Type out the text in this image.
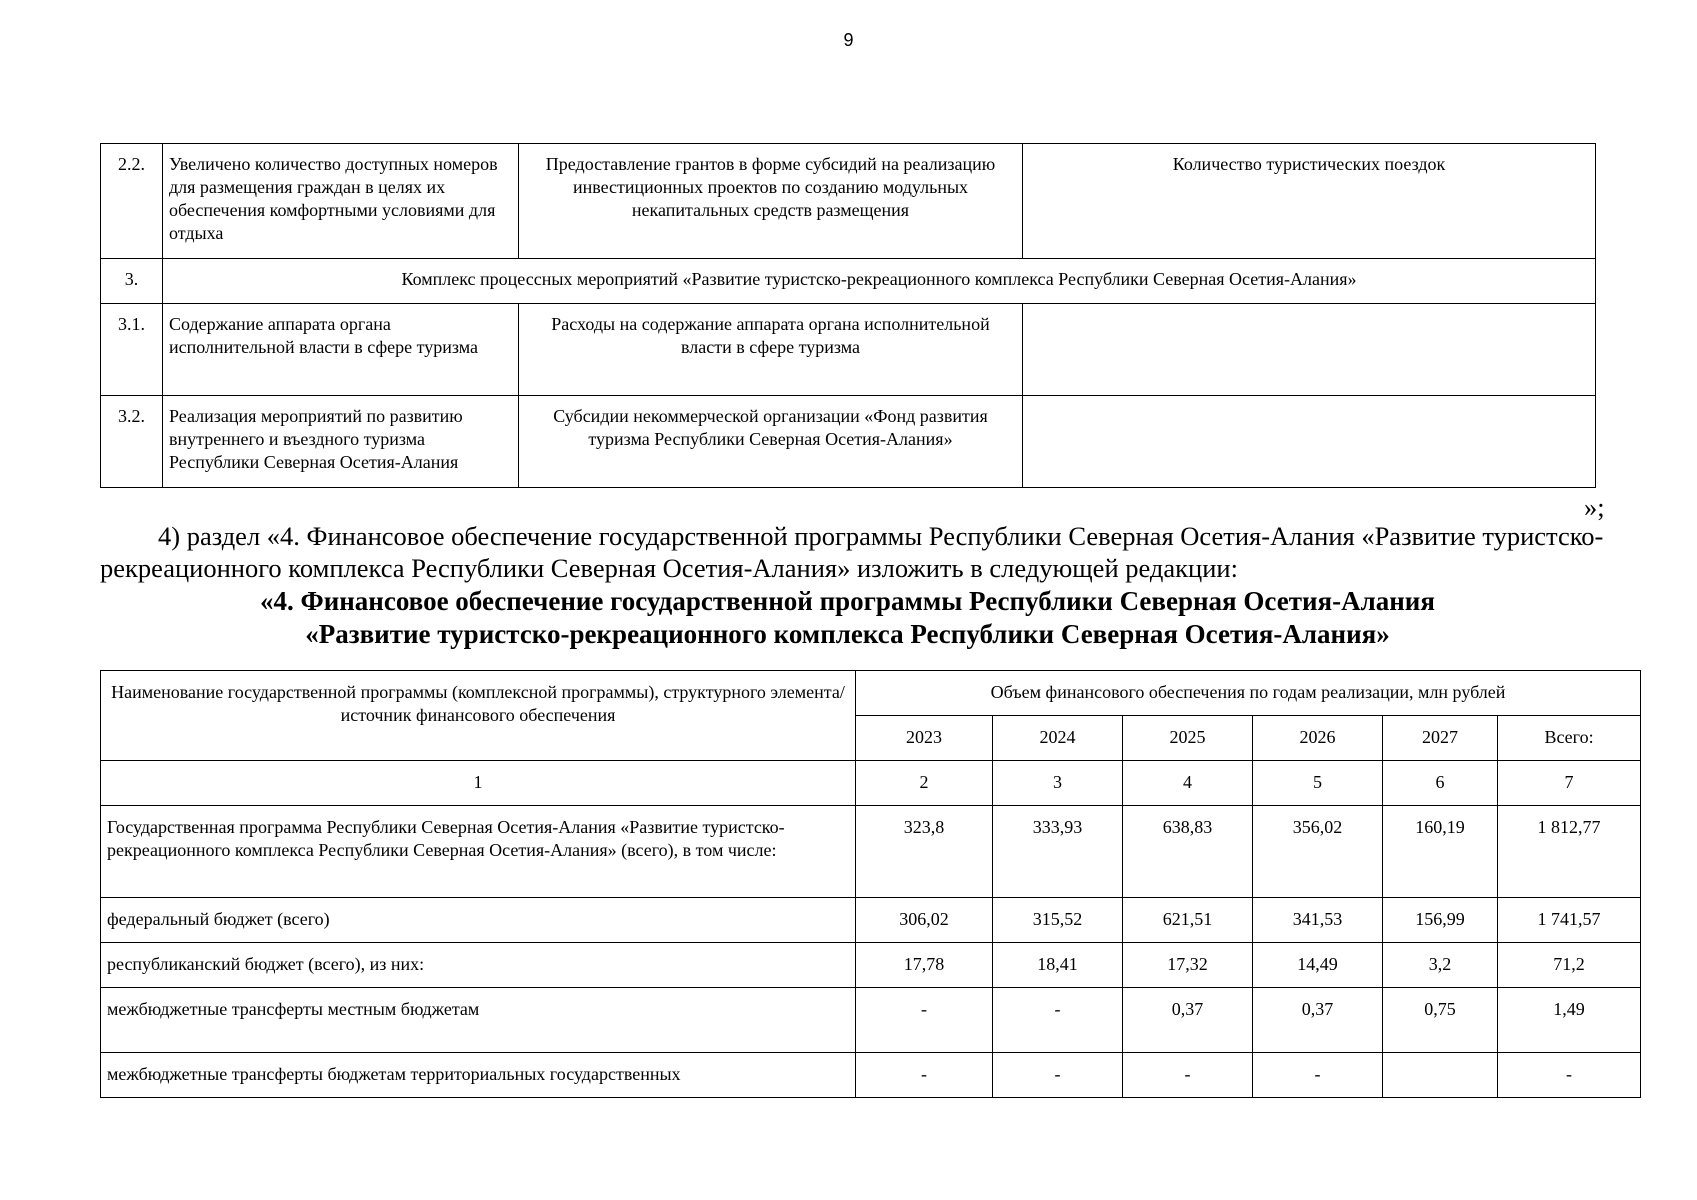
9
2.2.	Увеличено количество доступных номеров для размещения граждан в целях их обеспечения комфортными условиями для отдыха	Предоставление грантов в форме субсидий на реализацию инвестиционных проектов по созданию модульных некапитальных средств размещения	Количество туристических поездок
3.	Комплекс процессных мероприятий «Развитие туристско-рекреационного комплекса Республики Северная Осетия-Алания»		
3.1.	Содержание аппарата органа исполнительной власти в сфере туризма	Расходы на содержание аппарата органа исполнительной власти в сфере туризма	
3.2.	Реализация мероприятий по развитию внутреннего и въездного туризма Республики Северная Осетия-Алания	Субсидии некоммерческой организации «Фонд развития туризма Республики Северная Осетия-Алания»	
»;
4) раздел «4. Финансовое обеспечение государственной программы Республики Северная Осетия-Алания «Развитие туристско-рекреационного комплекса Республики Северная Осетия-Алания» изложить в следующей редакции:
«4. Финансовое обеспечение государственной программы Республики Северная Осетия-Алания
«Развитие туристско-рекреационного комплекса Республики Северная Осетия-Алания»
Наименование государственной программы (комплексной программы), структурного элемента/источник финансового обеспечения	Объем финансового обеспечения по годам реализации, млн рублей					
	2023	2024	2025	2026	2027	Всего:
1	2	3	4	5	6	7
Государственная программа Республики Северная Осетия-Алания «Развитие туристско-рекреационного комплекса Республики Северная Осетия-Алания» (всего), в том числе:	323,8	333,93	638,83	356,02	160,19	1 812,77
федеральный бюджет (всего)	306,02	315,52	621,51	341,53	156,99	1 741,57
республиканский бюджет (всего), из них:	17,78	18,41	17,32	14,49	3,2	71,2
межбюджетные трансферты местным бюджетам	-	-	0,37	0,37	0,75	1,49
межбюджетные трансферты бюджетам территориальных государственных	-	-	-	-		-
